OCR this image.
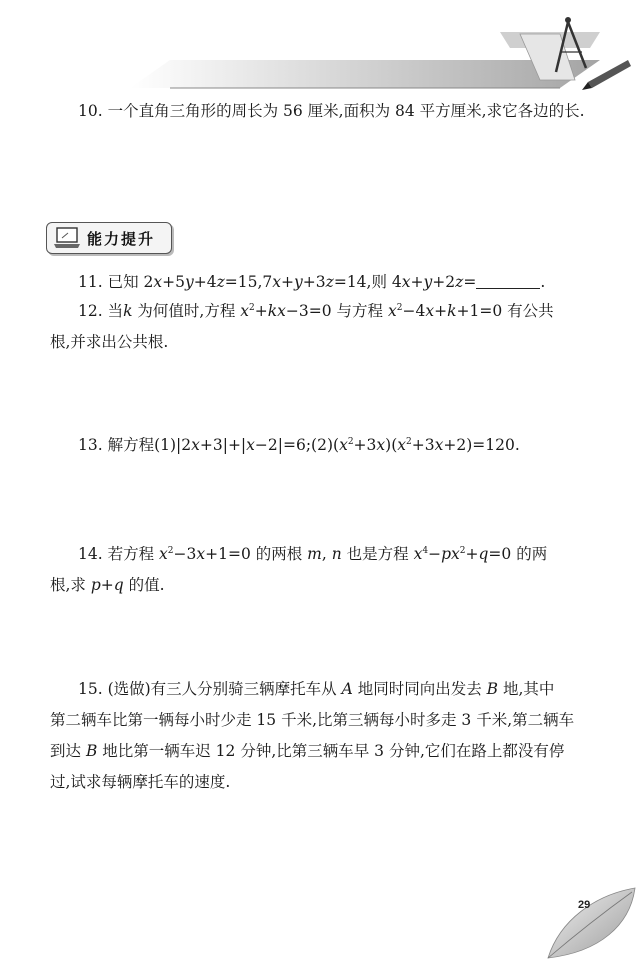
10. 一个直角三角形的周长为 56 厘米,面积为 84 平方厘米,求它各边的长.

能力提升

11. 已知 2x+5y+4z=15,7x+y+3z=14,则 4x+y+2z=	.

12. 当k 为何值时,方程 $x^2+kx-3=0$ 与方程 $x^2-4x+k+1=0$ 有公共
根,并求出公共根.

13. 解方程$(1)|2x+3|+|x-2|=6;(2)(x^2+3x)(x^2+3x+2)=120$.

14. 若方程 $x^2-3x+1=0$ 的两根 m, n 也是方程 $x^4-px^2+q=0$ 的两
根,求 p+q 的值.

15. (选做)有三人分别骑三辆摩托车从 A 地同时同向出发去 B 地,其中
第二辆车比第一辆每小时少走 15 千米,比第三辆每小时多走 3 千米,第二辆车
到达 B 地比第一辆车迟 12 分钟,比第三辆车早 3 分钟,它们在路上都没有停
过,试求每辆摩托车的速度.

29
